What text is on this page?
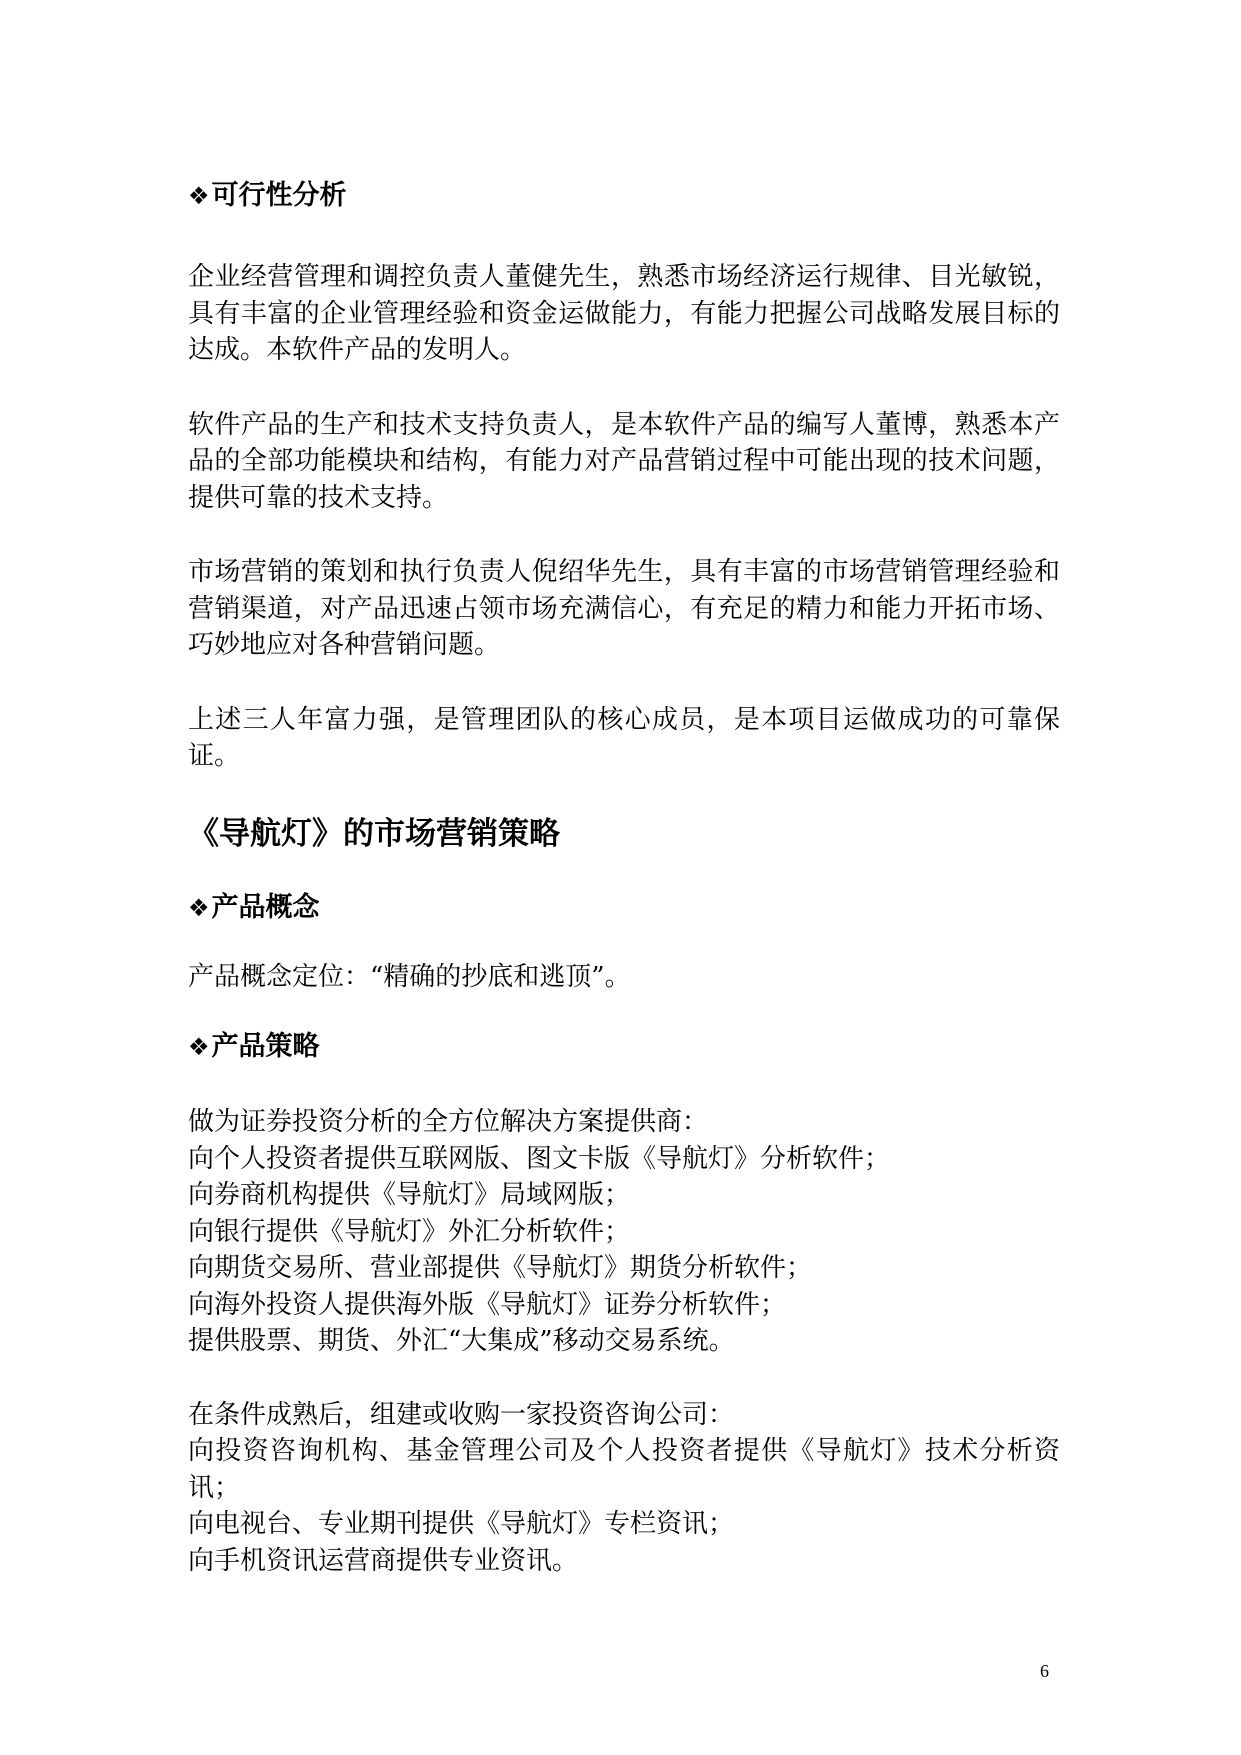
❖可行性分析

企业经营管理和调控负责人董健先生，熟悉市场经济运行规律、目光敏锐，具有丰富的企业管理经验和资金运做能力，有能力把握公司战略发展目标的达成。本软件产品的发明人。

软件产品的生产和技术支持负责人，是本软件产品的编写人董博，熟悉本产品的全部功能模块和结构，有能力对产品营销过程中可能出现的技术问题，提供可靠的技术支持。

市场营销的策划和执行负责人倪绍华先生，具有丰富的市场营销管理经验和营销渠道，对产品迅速占领市场充满信心，有充足的精力和能力开拓市场、巧妙地应对各种营销问题。

上述三人年富力强，是管理团队的核心成员，是本项目运做成功的可靠保证。

《导航灯》的市场营销策略
❖产品概念

产品概念定位：“精确的抄底和逃顶”。

❖产品策略

做为证券投资分析的全方位解决方案提供商：

向个人投资者提供互联网版、图文卡版《导航灯》分析软件；

向券商机构提供《导航灯》局域网版；

向银行提供《导航灯》外汇分析软件；

向期货交易所、营业部提供《导航灯》期货分析软件；

向海外投资人提供海外版《导航灯》证券分析软件；

提供股票、期货、外汇“大集成”移动交易系统。

在条件成熟后，组建或收购一家投资咨询公司：

向投资咨询机构、基金管理公司及个人投资者提供《导航灯》技术分析资讯；

向电视台、专业期刊提供《导航灯》专栏资讯；

向手机资讯运营商提供专业资讯。

6
